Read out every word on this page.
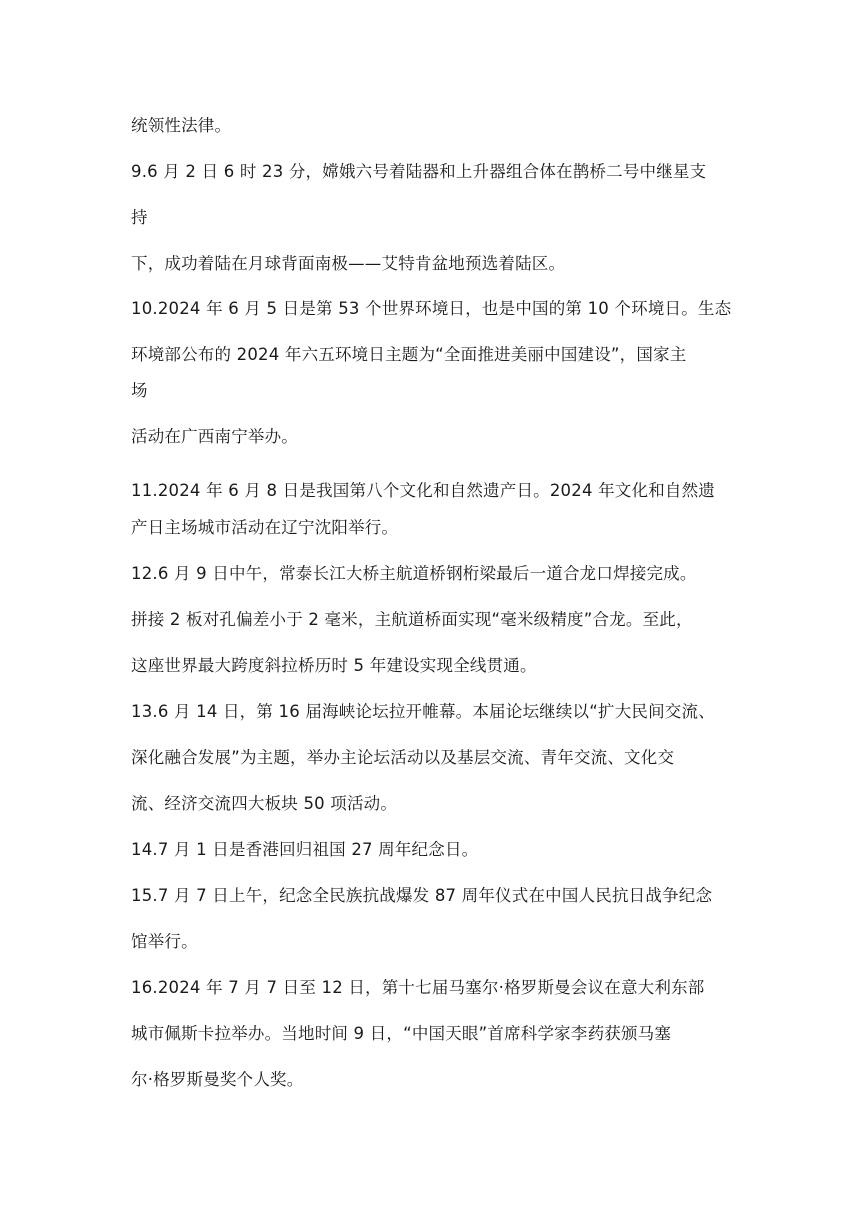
统领性法律。
9.6 月 2 日 6 时 23 分，嫦娥六号着陆器和上升器组合体在鹊桥二号中继星支
持
下，成功着陆在月球背面南极——艾特肯盆地预选着陆区。
10.2024 年 6 月 5 日是第 53 个世界环境日，也是中国的第 10 个环境日。生态
环境部公布的 2024 年六五环境日主题为“全面推进美丽中国建设”，国家主
场
活动在广西南宁举办。
11.2024 年 6 月 8 日是我国第八个文化和自然遗产日。2024 年文化和自然遗
产日主场城市活动在辽宁沈阳举行。
12.6 月 9 日中午，常泰长江大桥主航道桥钢桁梁最后一道合龙口焊接完成。
拼接 2 板对孔偏差小于 2 毫米，主航道桥面实现“毫米级精度”合龙。至此，
这座世界最大跨度斜拉桥历时 5 年建设实现全线贯通。
13.6 月 14 日，第 16 届海峡论坛拉开帷幕。本届论坛继续以“扩大民间交流、
深化融合发展”为主题，举办主论坛活动以及基层交流、青年交流、文化交
流、经济交流四大板块 50 项活动。
14.7 月 1 日是香港回归祖国 27 周年纪念日。
15.7 月 7 日上午，纪念全民族抗战爆发 87 周年仪式在中国人民抗日战争纪念
馆举行。
16.2024 年 7 月 7 日至 12 日，第十七届马塞尔·格罗斯曼会议在意大利东部
城市佩斯卡拉举办。当地时间 9 日，“中国天眼”首席科学家李药获颁马塞
尔·格罗斯曼奖个人奖。
